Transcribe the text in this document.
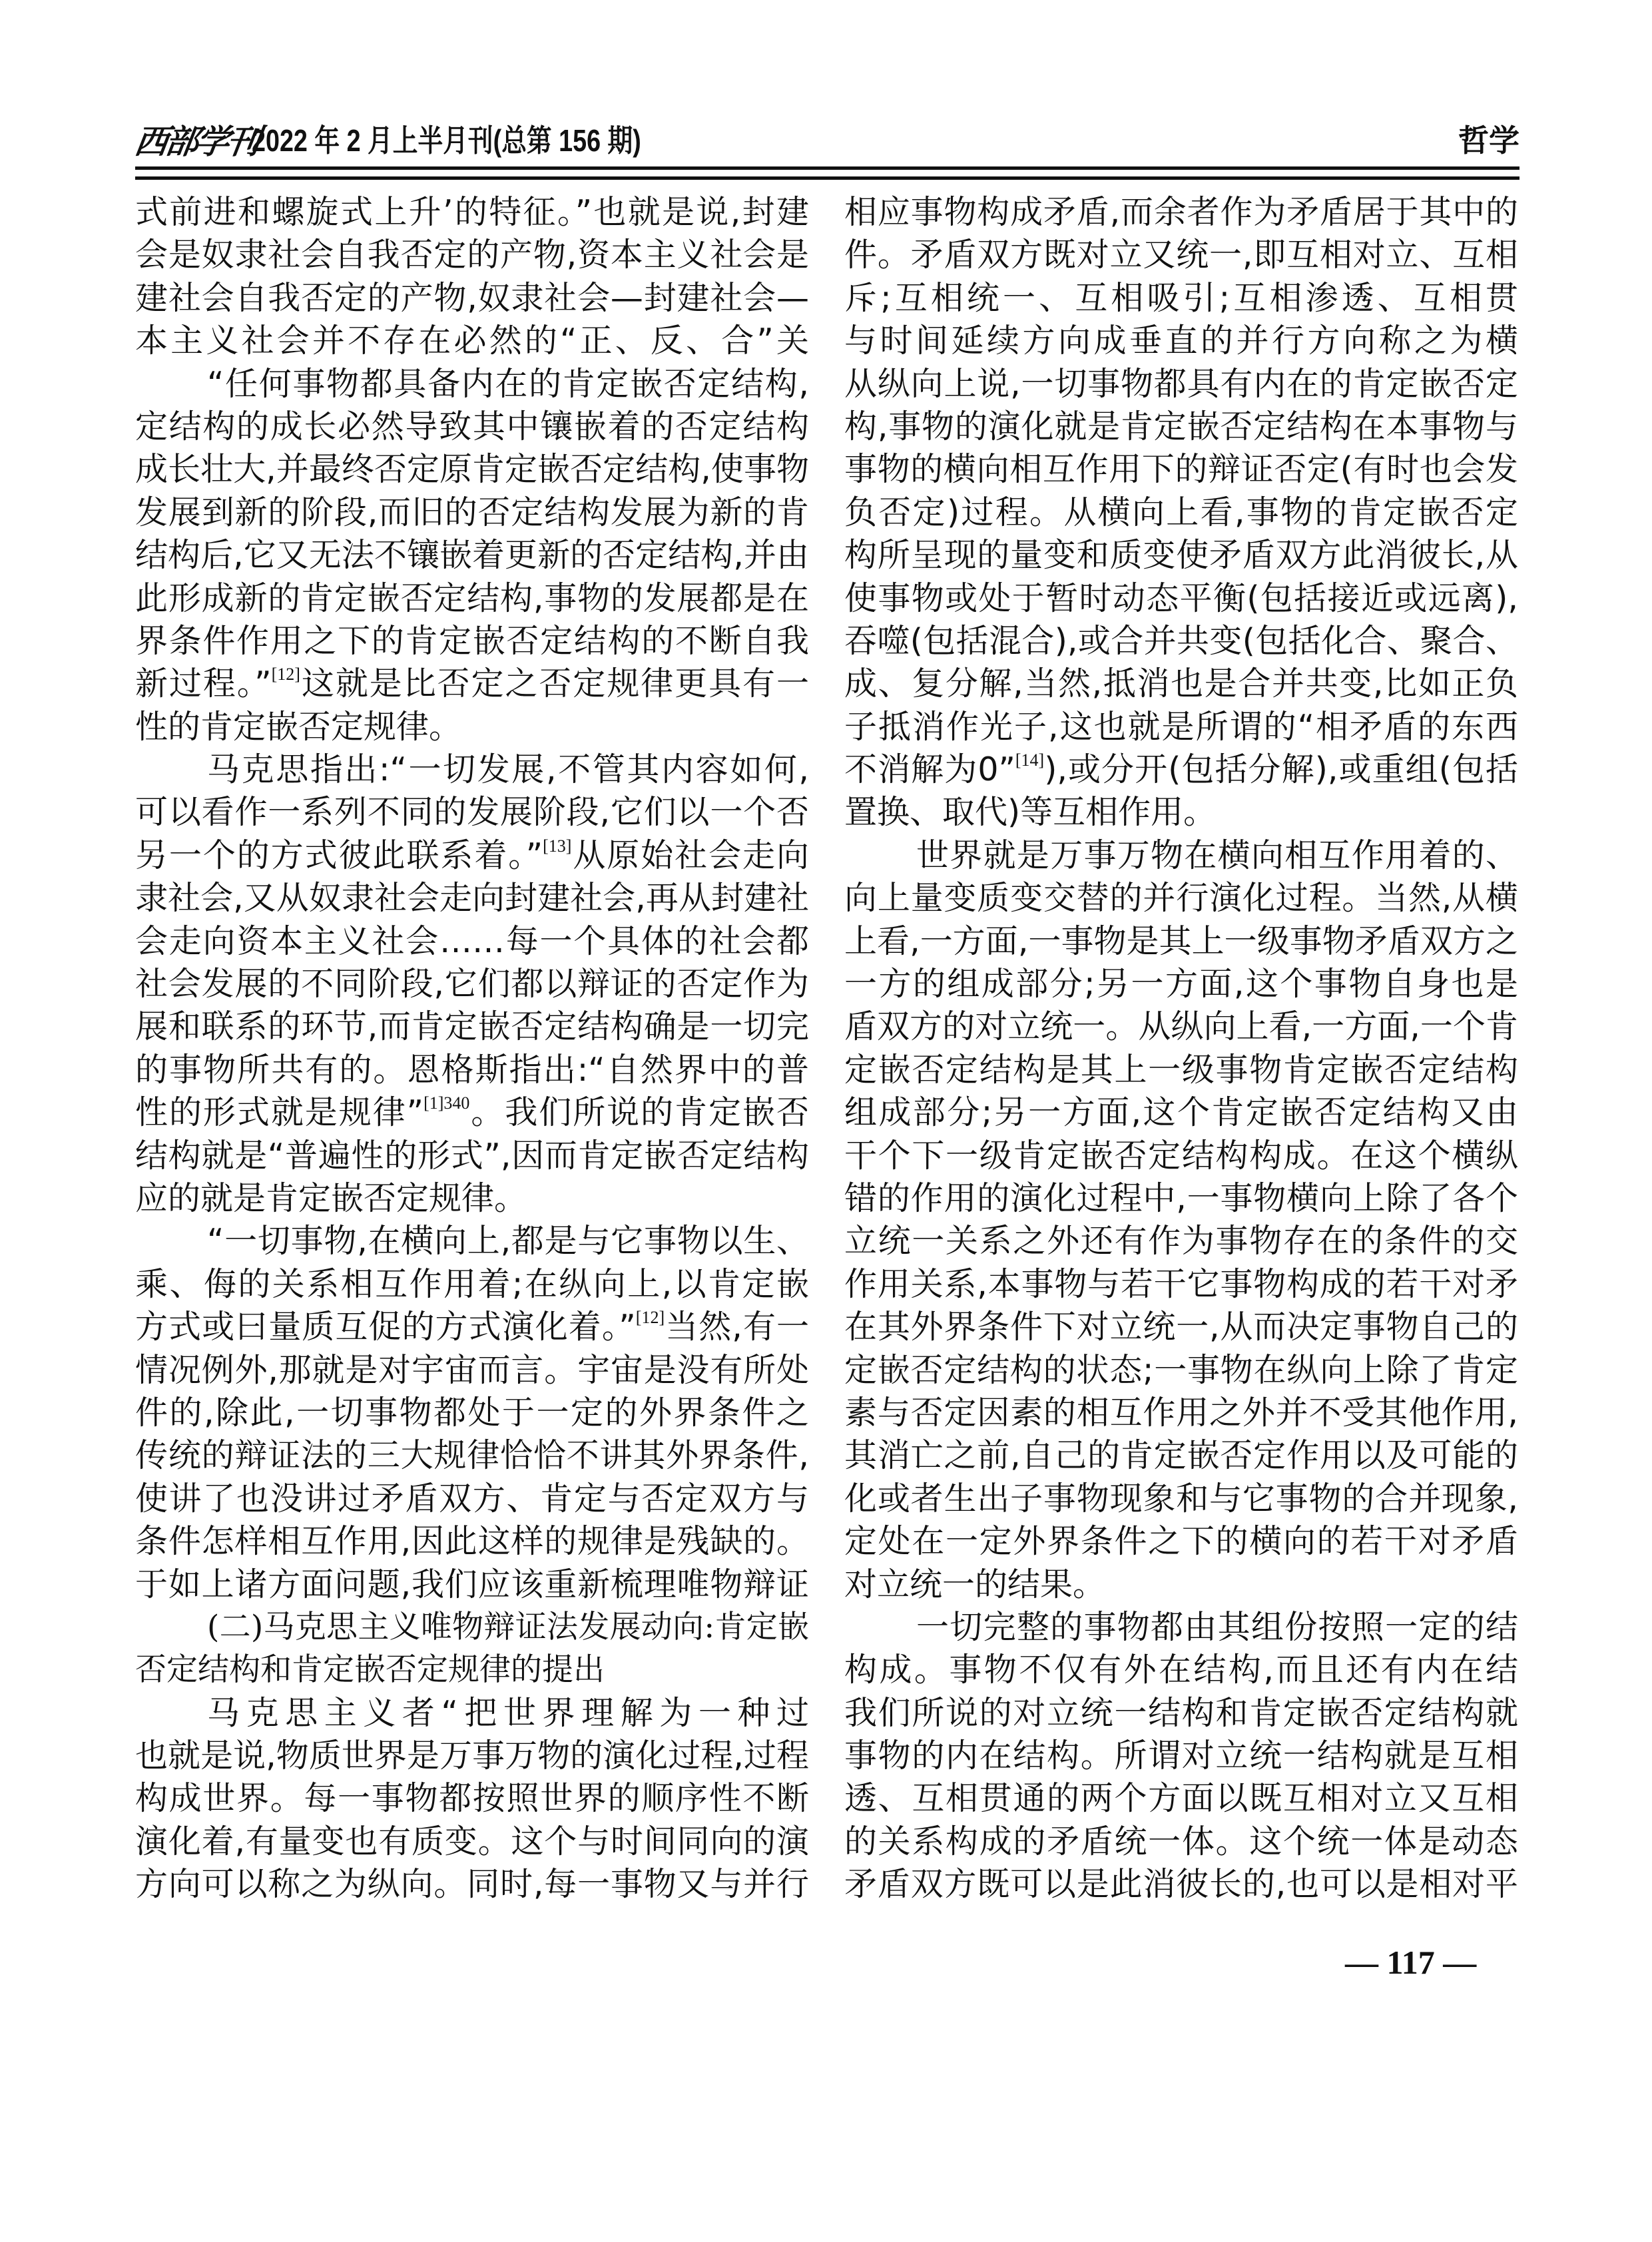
西部学刊
2022 年 2 月上半月刊(总第 156 期)	哲学
式前进和螺旋式上升’的特征。”也就是说,封建
会是奴隶社会自我否定的产物,资本主义社会是
建社会自我否定的产物,奴隶社会—封建社会—
本主义社会并不存在必然的“正、反、合”关
“任何事物都具备内在的肯定嵌否定结构,
定结构的成长必然导致其中镶嵌着的否定结构
成长壮大,并最终否定原肯定嵌否定结构,使事物
发展到新的阶段,而旧的否定结构发展为新的肯
结构后,它又无法不镶嵌着更新的否定结构,并由
此形成新的肯定嵌否定结构,事物的发展都是在
界条件作用之下的肯定嵌否定结构的不断自我
新过程。”[12]这就是比否定之否定规律更具有一
性的肯定嵌否定规律。
马克思指出:“一切发展,不管其内容如何,
可以看作一系列不同的发展阶段,它们以一个否
另一个的方式彼此联系着。”[13]从原始社会走向
隶社会,又从奴隶社会走向封建社会,再从封建社
会走向资本主义社会……每一个具体的社会都
社会发展的不同阶段,它们都以辩证的否定作为
展和联系的环节,而肯定嵌否定结构确是一切完
的事物所共有的。恩格斯指出:“自然界中的普
性的形式就是规律”$^{[1]340}$。我们所说的肯定嵌否
结构就是“普遍性的形式”,因而肯定嵌否定结构
应的就是肯定嵌否定规律。
“一切事物,在横向上,都是与它事物以生、
乘、侮的关系相互作用着;在纵向上,以肯定嵌
方式或曰量质互促的方式演化着。”[12]当然,有一
情况例外,那就是对宇宙而言。宇宙是没有所处
件的,除此,一切事物都处于一定的外界条件之
传统的辩证法的三大规律恰恰不讲其外界条件,
使讲了也没讲过矛盾双方、肯定与否定双方与
条件怎样相互作用,因此这样的规律是残缺的。
于如上诸方面问题,我们应该重新梳理唯物辩证
(二)马克思主义唯物辩证法发展动向:肯定嵌
否定结构和肯定嵌否定规律的提出
马克思主义者“把世界理解为一种过
也就是说,物质世界是万事万物的演化过程,过程
构成世界。每一事物都按照世界的顺序性不断
演化着,有量变也有质变。这个与时间同向的演
方向可以称之为纵向。同时,每一事物又与并行
相应事物构成矛盾,而余者作为矛盾居于其中的
件。矛盾双方既对立又统一,即互相对立、互相
斥;互相统一、互相吸引;互相渗透、互相贯
与时间延续方向成垂直的并行方向称之为横
从纵向上说,一切事物都具有内在的肯定嵌否定
构,事物的演化就是肯定嵌否定结构在本事物与
事物的横向相互作用下的辩证否定(有时也会发
负否定)过程。从横向上看,事物的肯定嵌否定
构所呈现的量变和质变使矛盾双方此消彼长,从
使事物或处于暂时动态平衡(包括接近或远离),
吞噬(包括混合),或合并共变(包括化合、聚合、
成、复分解,当然,抵消也是合并共变,比如正负
子抵消作光子,这也就是所谓的“相矛盾的东西
不消解为0”[14]),或分开(包括分解),或重组(包括
置换、取代)等互相作用。
世界就是万事万物在横向相互作用着的、
向上量变质变交替的并行演化过程。当然,从横
上看,一方面,一事物是其上一级事物矛盾双方之
一方的组成部分;另一方面,这个事物自身也是
盾双方的对立统一。从纵向上看,一方面,一个肯
定嵌否定结构是其上一级事物肯定嵌否定结构
组成部分;另一方面,这个肯定嵌否定结构又由
干个下一级肯定嵌否定结构构成。在这个横纵
错的作用的演化过程中,一事物横向上除了各个
立统一关系之外还有作为事物存在的条件的交
作用关系,本事物与若干它事物构成的若干对矛
在其外界条件下对立统一,从而决定事物自己的
定嵌否定结构的状态;一事物在纵向上除了肯定
素与否定因素的相互作用之外并不受其他作用,
其消亡之前,自己的肯定嵌否定作用以及可能的
化或者生出子事物现象和与它事物的合并现象,
定处在一定外界条件之下的横向的若干对矛盾
对立统一的结果。
一切完整的事物都由其组份按照一定的结
构成。事物不仅有外在结构,而且还有内在结
我们所说的对立统一结构和肯定嵌否定结构就
事物的内在结构。所谓对立统一结构就是互相
透、互相贯通的两个方面以既互相对立又互相
的关系构成的矛盾统一体。这个统一体是动态
矛盾双方既可以是此消彼长的,也可以是相对平
— 117 —
